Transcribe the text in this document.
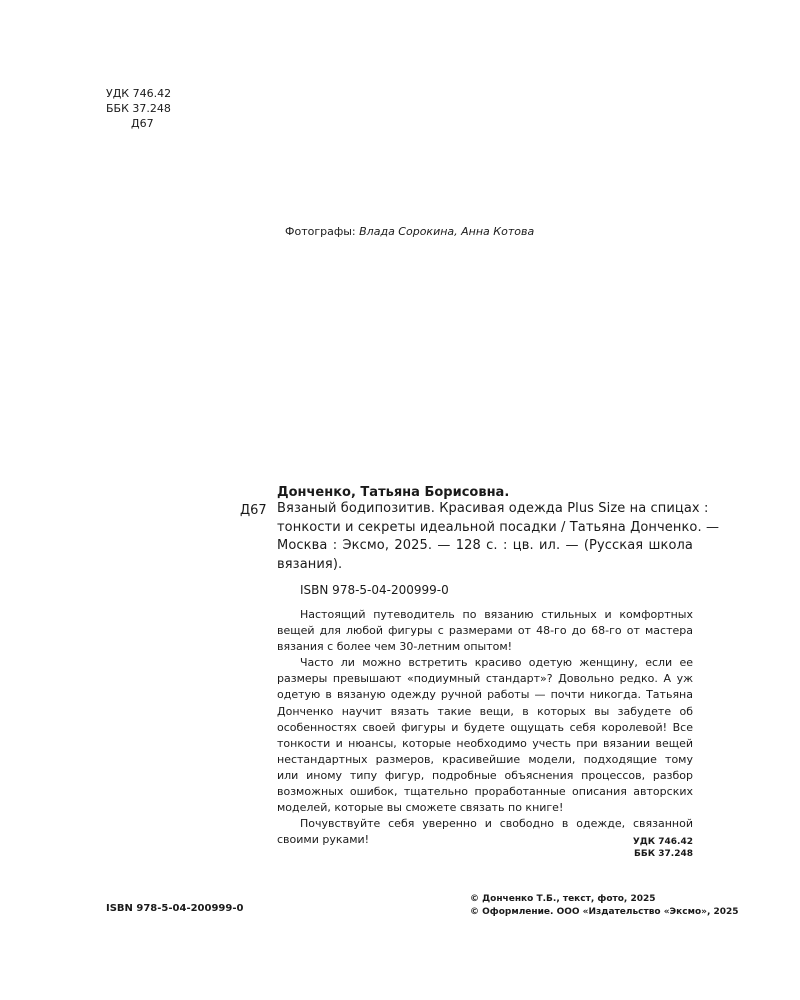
УДК 746.42
ББК 37.248
Д67
Фотографы: Влада Сорокина, Анна Котова
Донченко, Татьяна Борисовна.
Д67 Вязаный бодипозитив. Красивая одежда Plus Size на спицах :
тонкости и секреты идеальной посадки / Татьяна Донченко. —
Москва : Эксмо, 2025. — 128 с. : цв. ил. — (Русская школа
вязания).
ISBN 978-5-04-200999-0

Настоящий путеводитель по вязанию стильных и комфортных вещей для любой фигуры с размерами от 48-го до 68-го от мастера вязания с более чем 30-летним опытом!

Часто ли можно встретить красиво одетую женщину, если ее размеры превышают «подиумный стандарт»? Довольно редко. А уж одетую в вязаную одежду ручной работы — почти никогда. Татьяна Донченко научит вязать такие вещи, в которых вы забудете об особенностях своей фигуры и будете ощущать себя королевой! Все тонкости и нюансы, которые необходимо учесть при вязании вещей нестандартных размеров, красивейшие модели, подходящие тому или иному типу фигур, подробные объяснения процессов, разбор возможных ошибок, тщательно проработанные описания авторских моделей, которые вы сможете связать по книге!

Почувствуйте себя уверенно и свободно в одежде, связанной своими руками!	УДК 746.42
ББК 37.248
ISBN 978-5-04-200999-0
© Донченко Т.Б., текст, фото, 2025
© Оформление. ООО «Издательство «Эксмо», 2025
